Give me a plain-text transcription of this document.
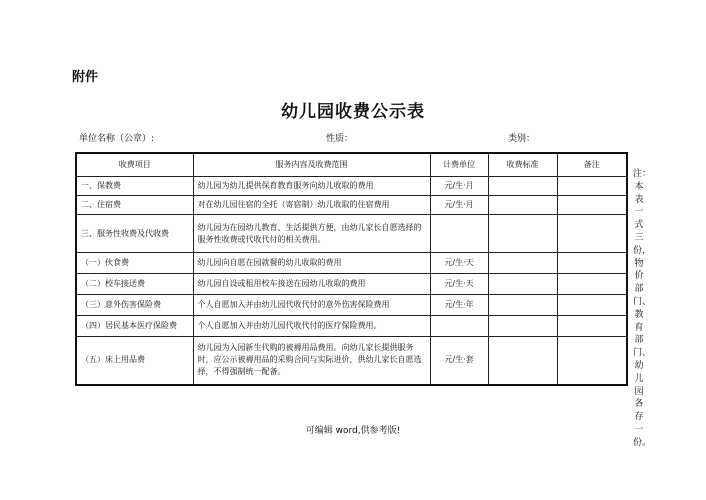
附件
幼儿园收费公示表
单位名称（公章）:	性质：	类别：
收费项目	服务内容及收费范围	计费单位	收费标准	备注
一、保教费	幼儿园为幼儿提供保育教育服务向幼儿收取的费用	元/生·月		
二、住宿费	对在幼儿园住宿的全托（寄宿制）幼儿收取的住宿费用	元/生·月		
三、服务性收费及代收费	幼儿园为在园幼儿教育、生活提供方便，由幼儿家长自愿选择的服务性收费或代收代付的相关费用。			
（一）伙食费	幼儿园向自愿在园就餐的幼儿收取的费用	元/生·天		
（二）校车接送费	幼儿园自设或租用校车接送在园幼儿收取的费用	元/生·天		
（三）意外伤害保险费	个人自愿加入并由幼儿园代收代付的意外伤害保险费用	元/生·年		
（四）居民基本医疗保险费	个人自愿加入并由幼儿园代收代付的医疗保险费用。			
（五）床上用品费	幼儿园为入园新生代购的被褥用品费用。向幼儿家长提供服务时，应公示被褥用品的采购合同与实际进价，供幼儿家长自愿选择，不得强制统一配备。	元/生·套		
注：本表一式三份，物价部门、教育部门、幼儿园各存一份。
可编辑 word,供参考版!
